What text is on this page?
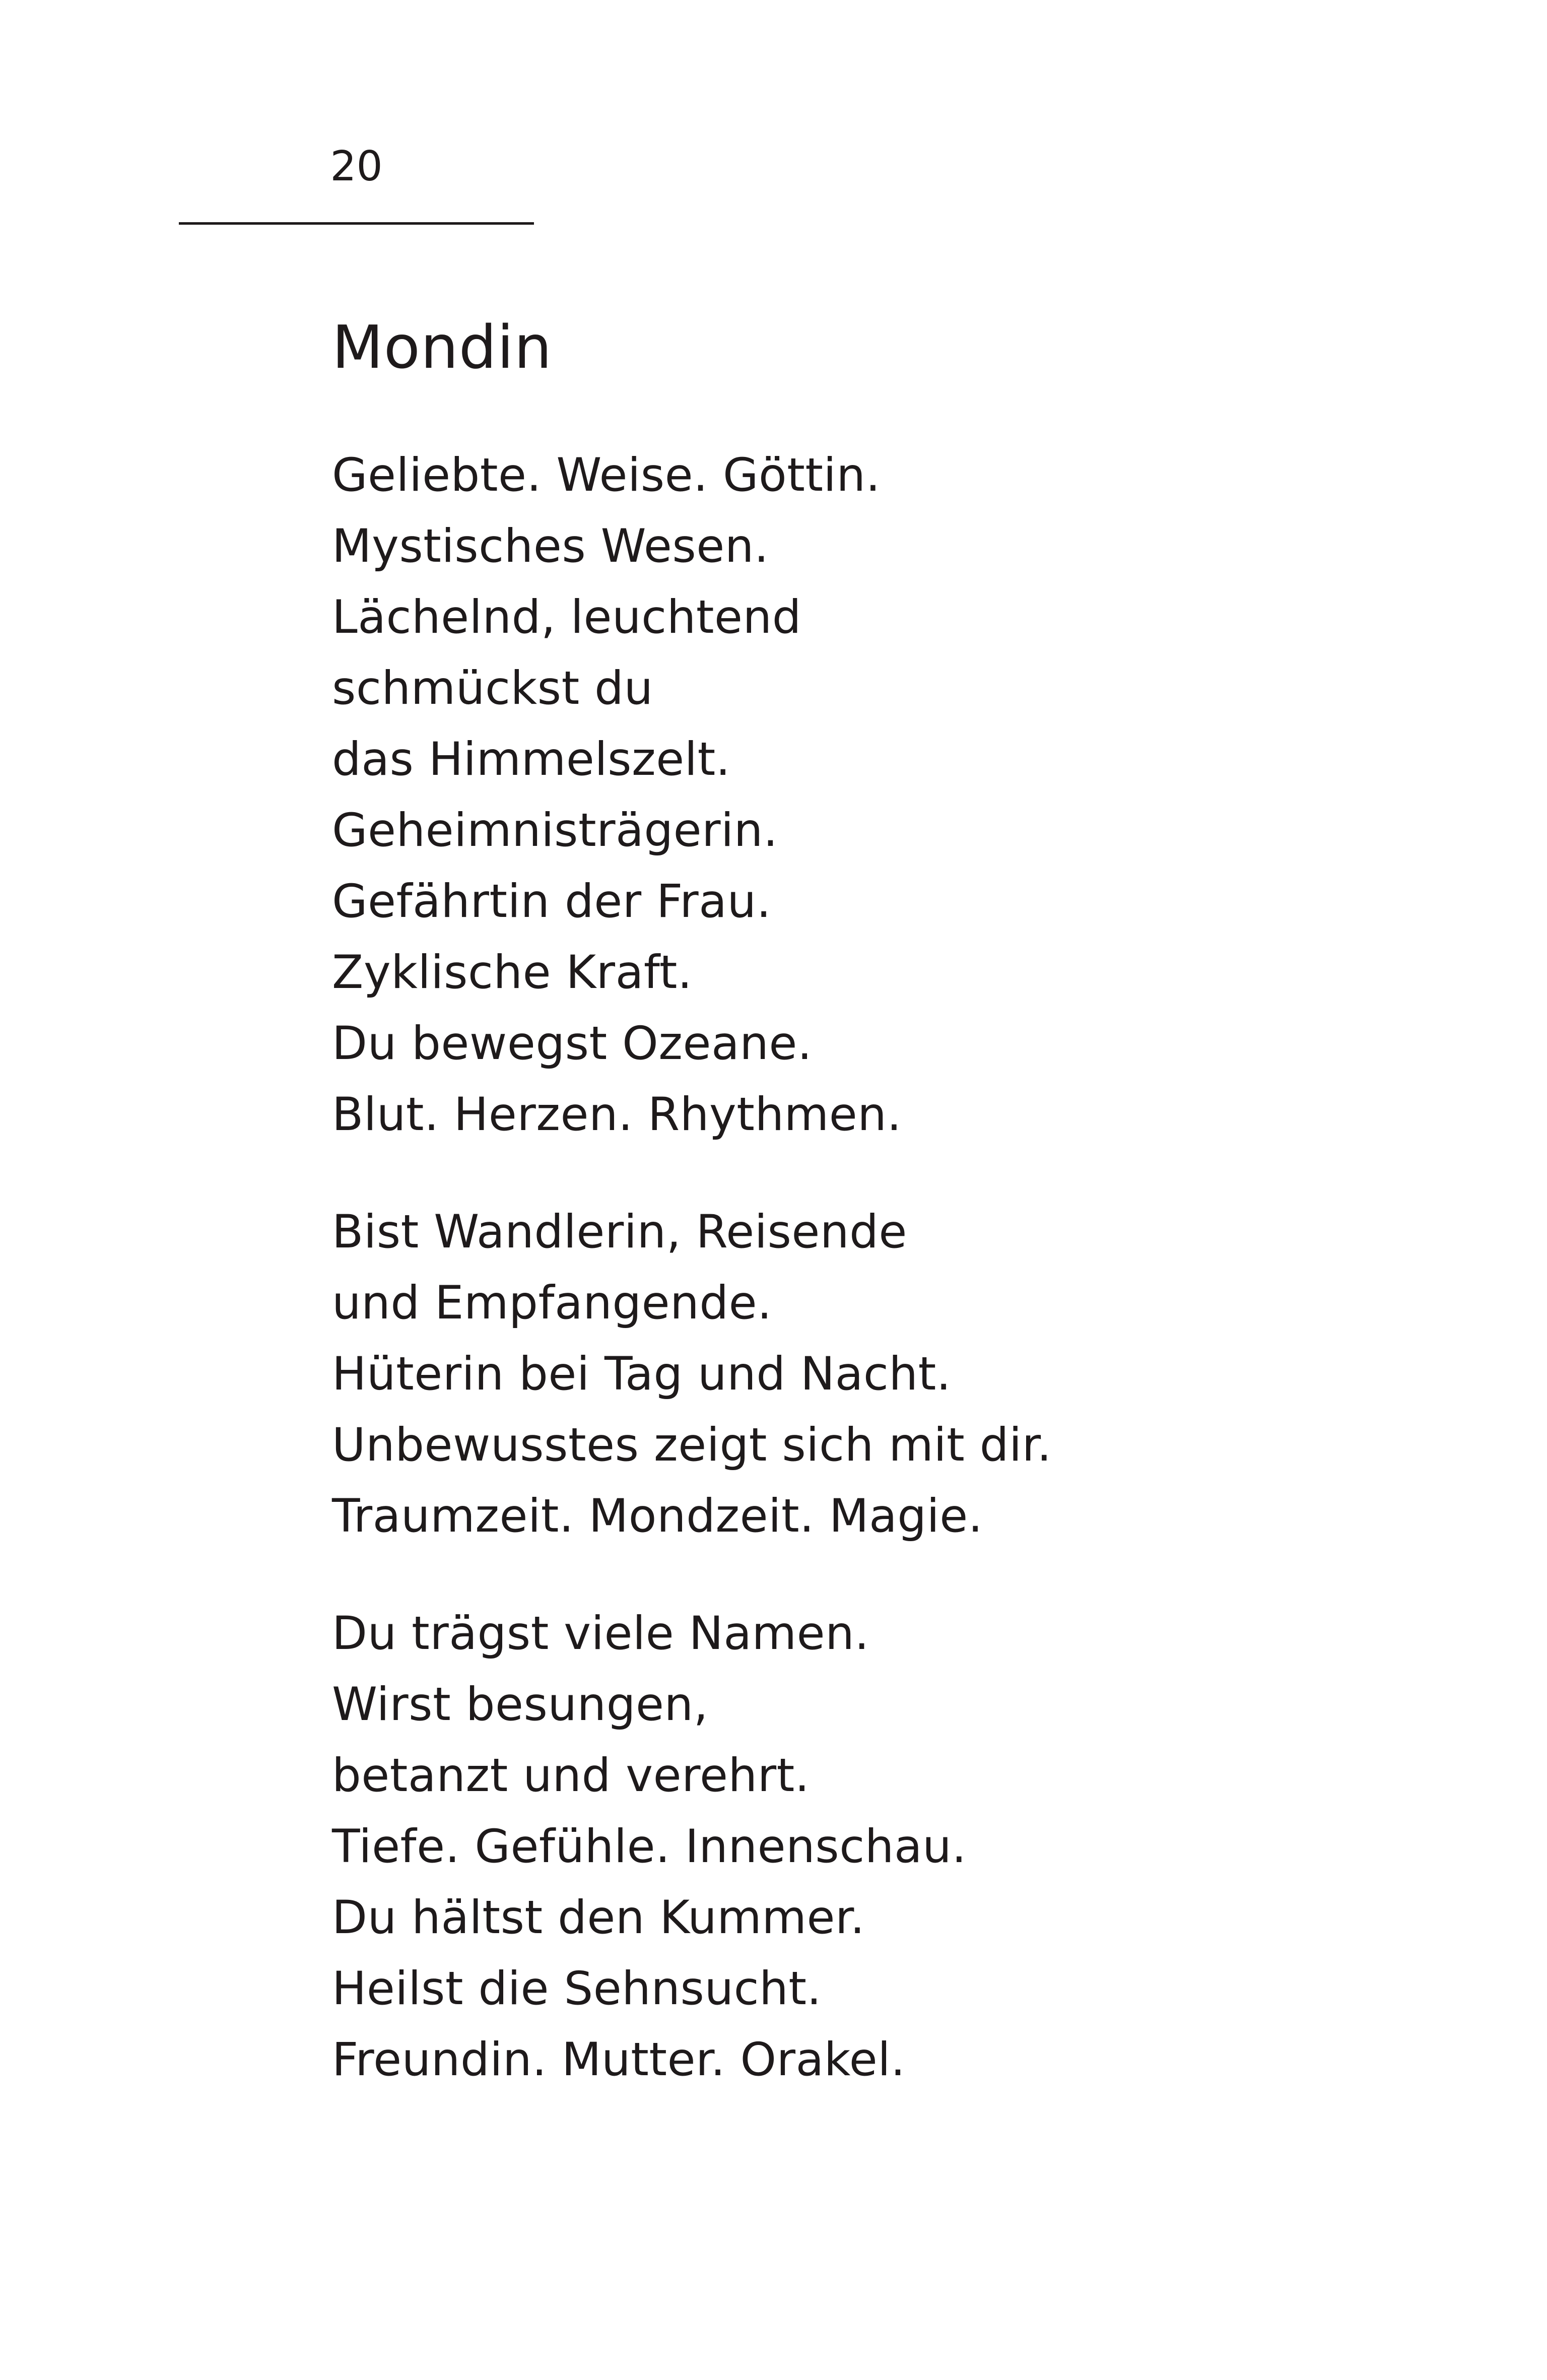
20
Mondin
Geliebte. Weise. Göttin.
Mystisches Wesen.
Lächelnd, leuchtend
schmückst du
das Himmelszelt.
Geheimnisträgerin.
Gefährtin der Frau.
Zyklische Kraft.
Du bewegst Ozeane.
Blut. Herzen. Rhythmen.
Bist Wandlerin, Reisende
und Empfangende.
Hüterin bei Tag und Nacht.
Unbewusstes zeigt sich mit dir.
Traumzeit. Mondzeit. Magie.
Du trägst viele Namen.
Wirst besungen,
betanzt und verehrt.
Tiefe. Gefühle. Innenschau.
Du hältst den Kummer.
Heilst die Sehnsucht.
Freundin. Mutter. Orakel.
